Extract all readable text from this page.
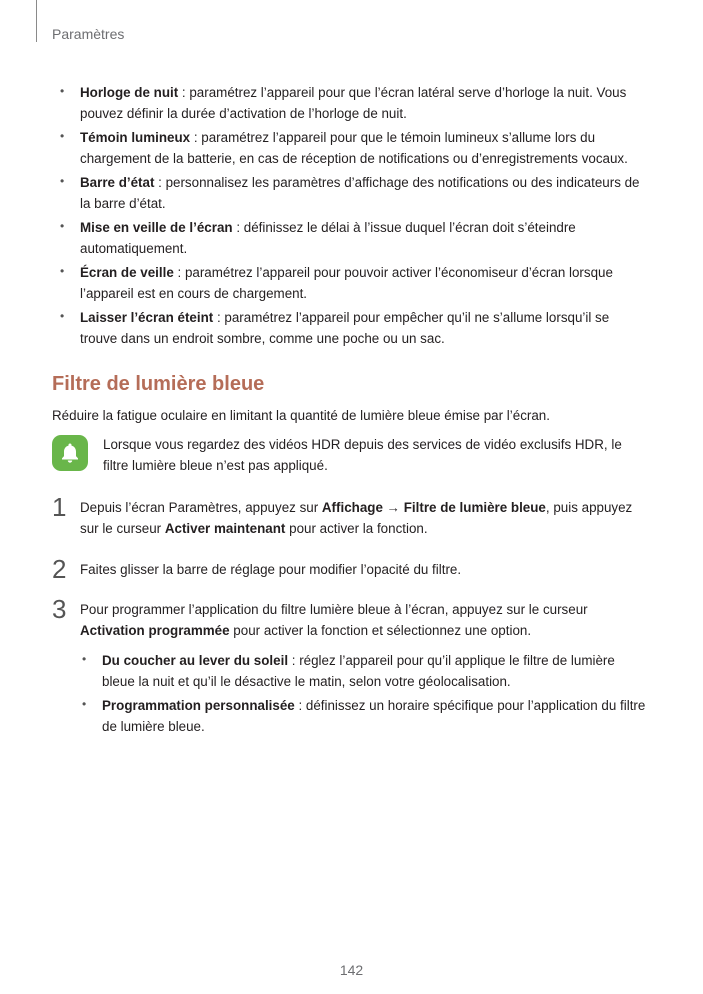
Paramètres
• Horloge de nuit : paramétrez l’appareil pour que l’écran latéral serve d’horloge la nuit. Vous pouvez définir la durée d’activation de l’horloge de nuit.
• Témoin lumineux : paramétrez l’appareil pour que le témoin lumineux s’allume lors du chargement de la batterie, en cas de réception de notifications ou d’enregistrements vocaux.
• Barre d’état : personnalisez les paramètres d’affichage des notifications ou des indicateurs de la barre d’état.
• Mise en veille de l’écran : définissez le délai à l’issue duquel l’écran doit s’éteindre automatiquement.
• Écran de veille : paramétrez l’appareil pour pouvoir activer l’économiseur d’écran lorsque l’appareil est en cours de chargement.
• Laisser l’écran éteint : paramétrez l’appareil pour empêcher qu’il ne s’allume lorsqu’il se trouve dans un endroit sombre, comme une poche ou un sac.
Filtre de lumière bleue
Réduire la fatigue oculaire en limitant la quantité de lumière bleue émise par l’écran.
Lorsque vous regardez des vidéos HDR depuis des services de vidéo exclusifs HDR, le filtre lumière bleue n’est pas appliqué.
1 Depuis l’écran Paramètres, appuyez sur Affichage → Filtre de lumière bleue, puis appuyez sur le curseur Activer maintenant pour activer la fonction.
2 Faites glisser la barre de réglage pour modifier l’opacité du filtre.
3 Pour programmer l’application du filtre lumière bleue à l’écran, appuyez sur le curseur Activation programmée pour activer la fonction et sélectionnez une option.
• Du coucher au lever du soleil : réglez l’appareil pour qu’il applique le filtre de lumière bleue la nuit et qu’il le désactive le matin, selon votre géolocalisation.
• Programmation personnalisée : définissez un horaire spécifique pour l’application du filtre de lumière bleue.
142
